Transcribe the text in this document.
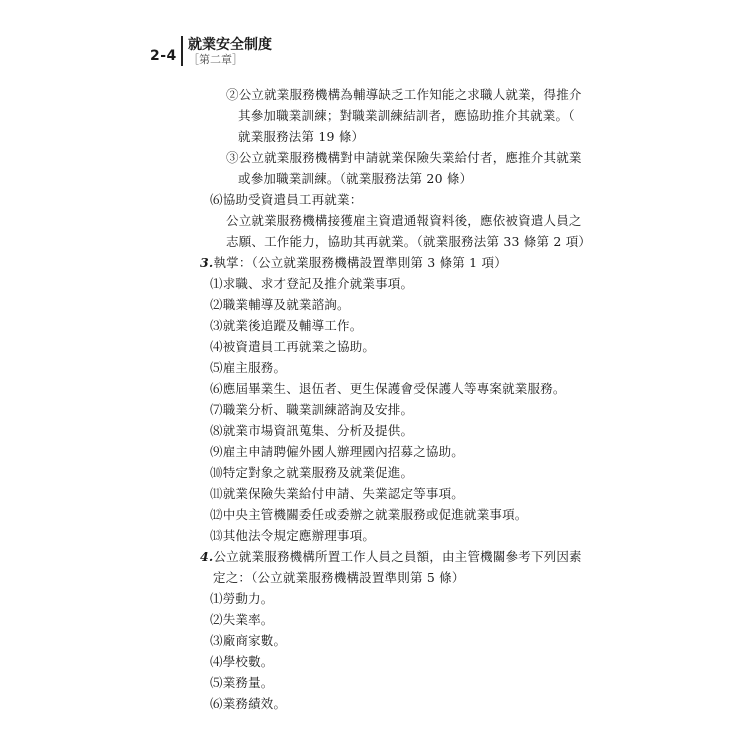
2-4
就業安全制度
［第二章］
②公立就業服務機構為輔導缺乏工作知能之求職人就業，得推介
其參加職業訓練；對職業訓練結訓者，應協助推介其就業。（
就業服務法第 19 條）
③公立就業服務機構對申請就業保險失業給付者，應推介其就業
或參加職業訓練。（就業服務法第 20 條）
⑹協助受資遣員工再就業：
公立就業服務機構接獲雇主資遣通報資料後，應依被資遣人員之
志願、工作能力，協助其再就業。（就業服務法第 33 條第 2 項）
3.執掌：（公立就業服務機構設置準則第 3 條第 1 項）
⑴求職、求才登記及推介就業事項。
⑵職業輔導及就業諮詢。
⑶就業後追蹤及輔導工作。
⑷被資遣員工再就業之協助。
⑸雇主服務。
⑹應屆畢業生、退伍者、更生保護會受保護人等專案就業服務。
⑺職業分析、職業訓練諮詢及安排。
⑻就業市場資訊蒐集、分析及提供。
⑼雇主申請聘僱外國人辦理國內招募之協助。
⑽特定對象之就業服務及就業促進。
⑾就業保險失業給付申請、失業認定等事項。
⑿中央主管機關委任或委辦之就業服務或促進就業事項。
⒀其他法令規定應辦理事項。
4.公立就業服務機構所置工作人員之員額，由主管機關參考下列因素
定之：（公立就業服務機構設置準則第 5 條）
⑴勞動力。
⑵失業率。
⑶廠商家數。
⑷學校數。
⑸業務量。
⑹業務績效。
